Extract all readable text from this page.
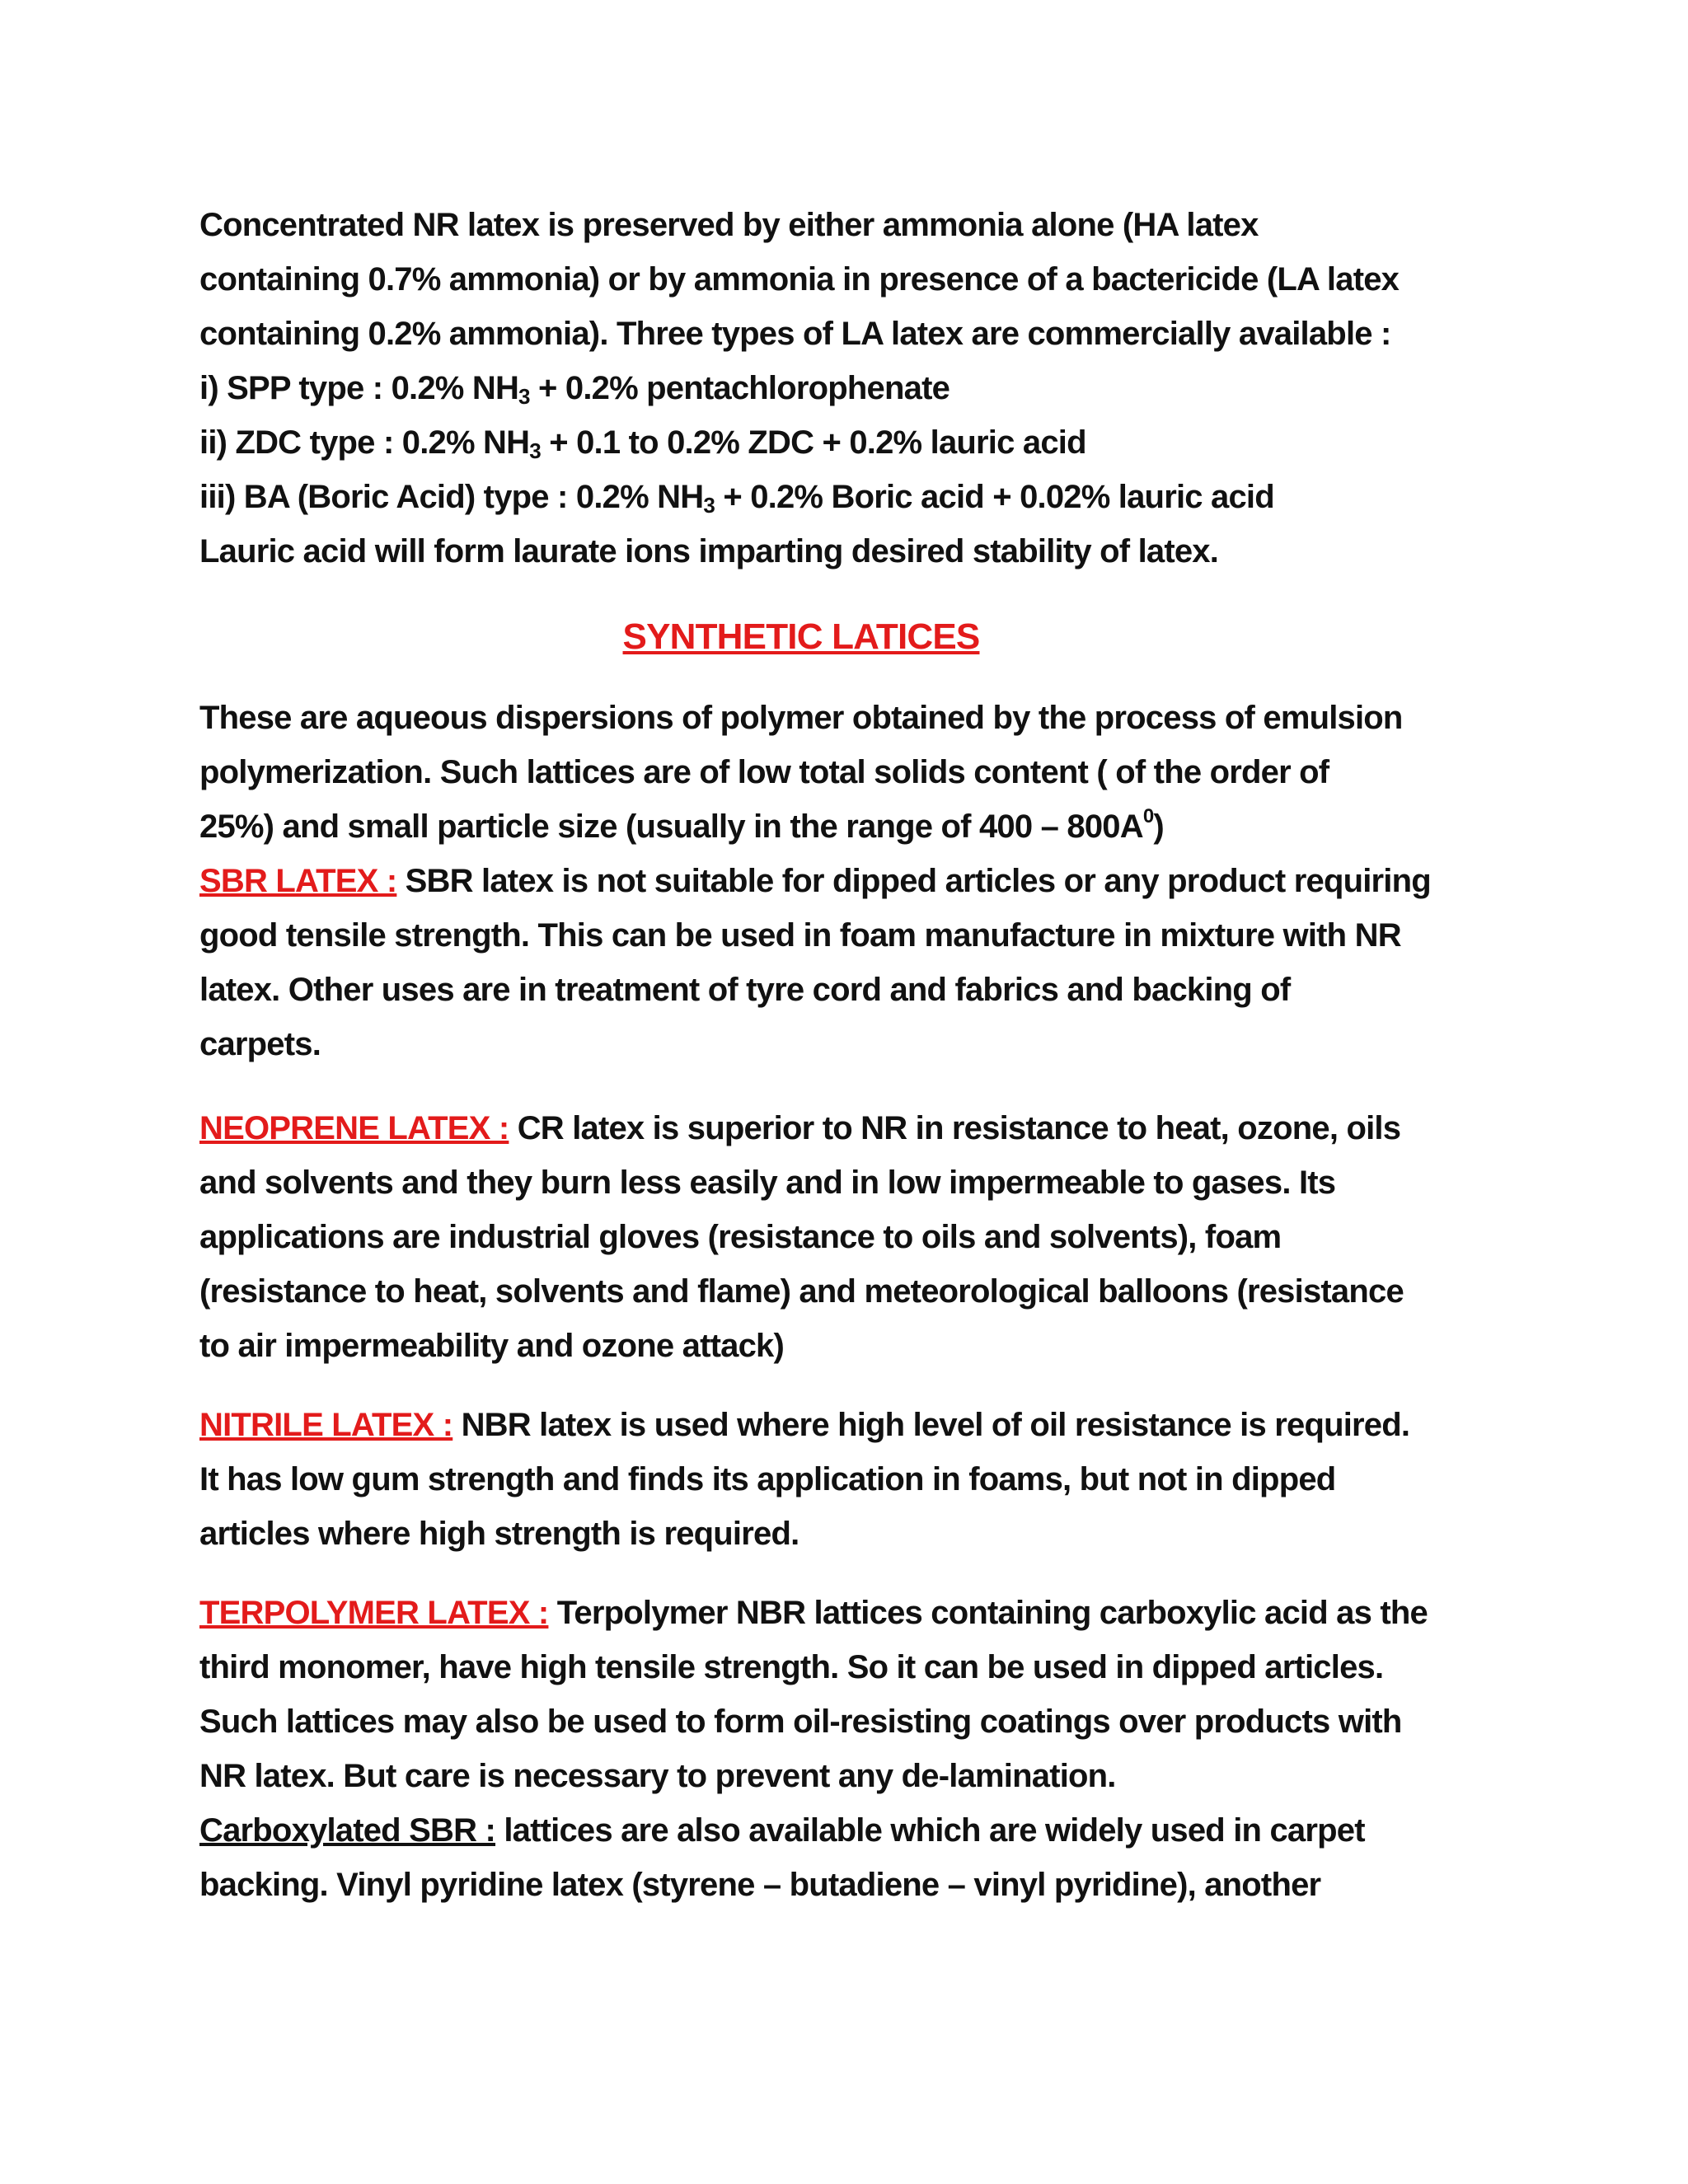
Concentrated NR latex is preserved by either ammonia alone (HA latex
containing 0.7% ammonia) or by ammonia in presence of a bactericide (LA latex
containing 0.2% ammonia). Three types of LA latex are commercially available :
i) SPP type : 0.2% $NH_3 + 0.2\%$ pentachlorophenate
ii) ZDC type : 0.2% $NH_3 + 0.1$ to 0.2% ZDC + 0.2% lauric acid
iii) BA (Boric Acid) type : 0.2% $NH_3 + 0.2\%$ Boric acid + 0.02% lauric acid
Lauric acid will form laurate ions imparting desired stability of latex.
SYNTHETIC LATICES
These are aqueous dispersions of polymer obtained by the process of emulsion
polymerization. Such lattices are of low total solids content ( of the order of
25%) and small particle size (usually in the range of $400 - 800A^0$)
SBR LATEX : SBR latex is not suitable for dipped articles or any product requiring
good tensile strength. This can be used in foam manufacture in mixture with NR
latex. Other uses are in treatment of tyre cord and fabrics and backing of
carpets.
NEOPRENE LATEX : CR latex is superior to NR in resistance to heat, ozone, oils
and solvents and they burn less easily and in low impermeable to gases. Its
applications are industrial gloves (resistance to oils and solvents), foam
(resistance to heat, solvents and flame) and meteorological balloons (resistance
to air impermeability and ozone attack)
NITRILE LATEX : NBR latex is used where high level of oil resistance is required.
It has low gum strength and finds its application in foams, but not in dipped
articles where high strength is required.
TERPOLYMER LATEX : Terpolymer NBR lattices containing carboxylic acid as the
third monomer, have high tensile strength. So it can be used in dipped articles.
Such lattices may also be used to form oil-resisting coatings over products with
NR latex. But care is necessary to prevent any de-lamination.
Carboxylated SBR : lattices are also available which are widely used in carpet
backing. Vinyl pyridine latex (styrene – butadiene – vinyl pyridine), another
